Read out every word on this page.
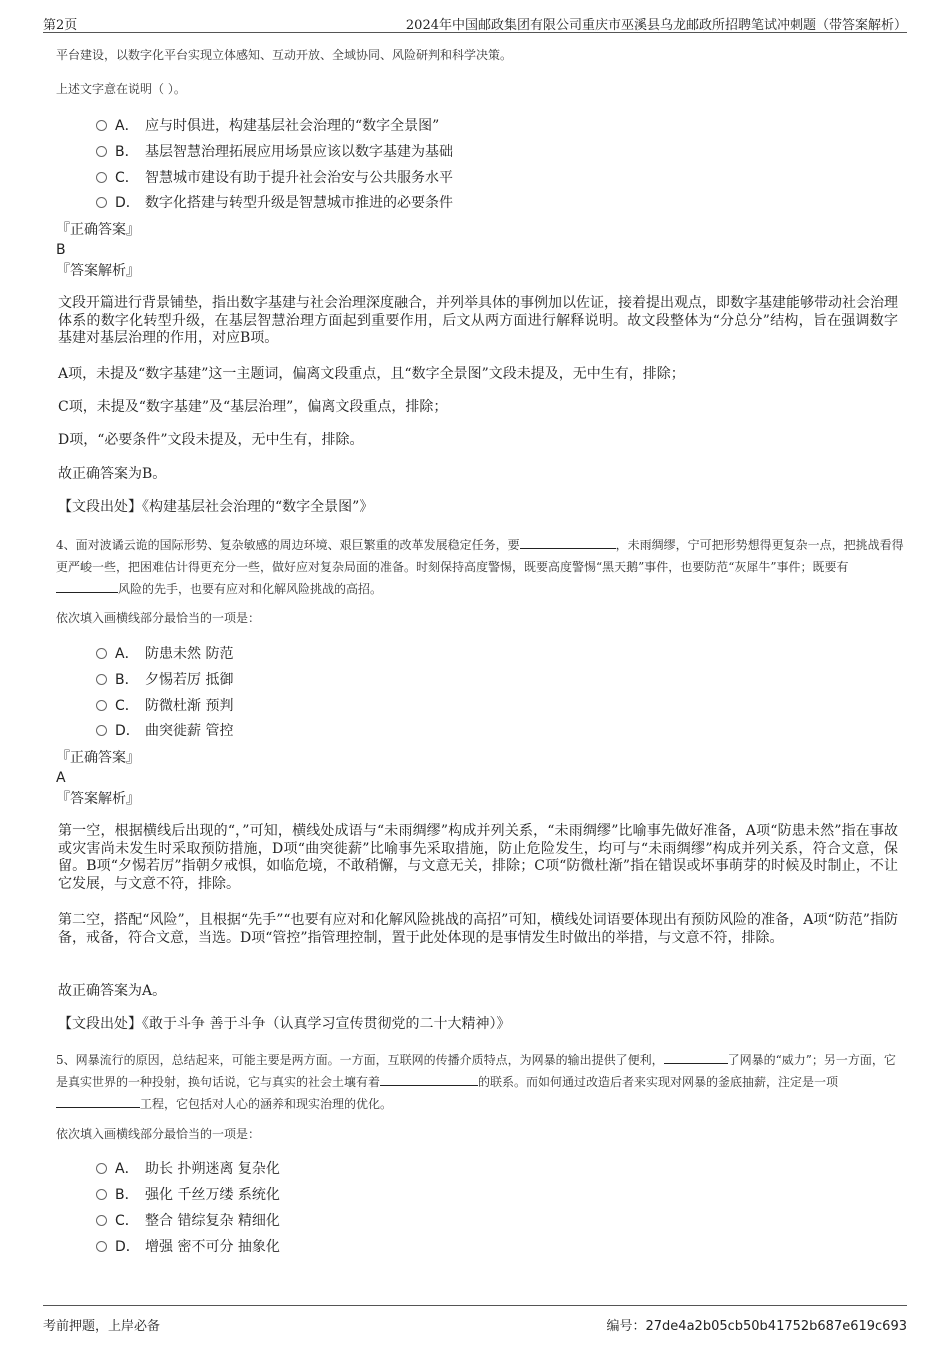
第2页	2024年中国邮政集团有限公司重庆市巫溪县乌龙邮政所招聘笔试冲刺题（带答案解析）
平台建设，以数字化平台实现立体感知、互动开放、全域协同、风险研判和科学决策。
上述文字意在说明（ ）。
A． 应与时俱进，构建基层社会治理的“数字全景图”
B． 基层智慧治理拓展应用场景应该以数字基建为基础
C． 智慧城市建设有助于提升社会治安与公共服务水平
D． 数字化搭建与转型升级是智慧城市推进的必要条件
『正确答案』
B
『答案解析』
文段开篇进行背景铺垫，指出数字基建与社会治理深度融合，并列举具体的事例加以佐证，接着提出观点，即数字基建能够带动社会治理体系的数字化转型升级，在基层智慧治理方面起到重要作用，后文从两方面进行解释说明。故文段整体为“分总分”结构，旨在强调数字基建对基层治理的作用，对应B项。
A项，未提及“数字基建”这一主题词，偏离文段重点，且“数字全景图”文段未提及，无中生有，排除；
C项，未提及“数字基建”及“基层治理”，偏离文段重点，排除；
D项，“必要条件”文段未提及，无中生有，排除。
故正确答案为B。
【文段出处】《构建基层社会治理的“数字全景图”》
4、面对波谲云诡的国际形势、复杂敏感的周边环境、艰巨繁重的改革发展稳定任务，要	，未雨绸缪，宁可把形势想得更复杂一点，把挑战看得更严峻一些，把困难估计得更充分一些，做好应对复杂局面的准备。时刻保持高度警惕，既要高度警惕“黑天鹅”事件，也要防范“灰犀牛”事件；既要有风险的先手，也要有应对和化解风险挑战的高招。
依次填入画横线部分最恰当的一项是：
A． 防患未然 防范
B． 夕惕若厉 抵御
C． 防微杜渐 预判
D． 曲突徙薪 管控
『正确答案』
A
『答案解析』
第一空，根据横线后出现的“，”可知，横线处成语与“未雨绸缪”构成并列关系，“未雨绸缪”比喻事先做好准备，A项“防患未然”指在事故或灾害尚未发生时采取预防措施，D项“曲突徙薪”比喻事先采取措施，防止危险发生，均可与“未雨绸缪”构成并列关系，符合文意，保留。B项“夕惕若厉”指朝夕戒惧，如临危境，不敢稍懈，与文意无关，排除；C项“防微杜渐”指在错误或坏事萌芽的时候及时制止，不让它发展，与文意不符，排除。
第二空，搭配“风险”，且根据“先手”“也要有应对和化解风险挑战的高招”可知，横线处词语要体现出有预防风险的准备，A项“防范”指防备，戒备，符合文意，当选。D项“管控”指管理控制，置于此处体现的是事情发生时做出的举措，与文意不符，排除。
故正确答案为A。
【文段出处】《敢于斗争 善于斗争（认真学习宣传贯彻党的二十大精神）》
5、网暴流行的原因，总结起来，可能主要是两方面。一方面，互联网的传播介质特点，为网暴的输出提供了便利，	了网暴的“威力”；另一方面，它是真实世界的一种投射，换句话说，它与真实的社会土壤有着	的联系。而如何通过改造后者来实现对网暴的釜底抽薪，注定是一项工程，它包括对人心的涵养和现实治理的优化。
依次填入画横线部分最恰当的一项是：
A． 助长 扑朔迷离 复杂化
B． 强化 千丝万缕 系统化
C． 整合 错综复杂 精细化
D． 增强 密不可分 抽象化
考前押题，上岸必备	编号：27de4a2b05cb50b41752b687e619c693
